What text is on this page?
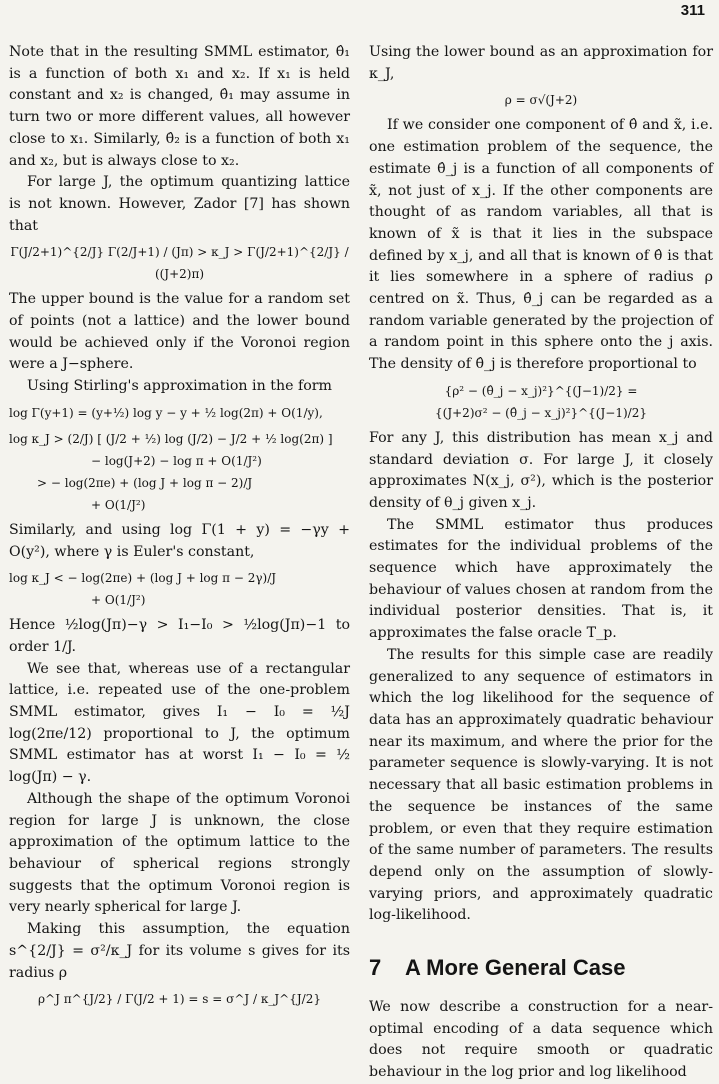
311

Note that in the resulting SMML estimator, θ̂₁ is a function of both x₁ and x₂. If x₁ is held constant and x₂ is changed, θ̂₁ may assume in turn two or more different values, all however close to x₁. Similarly, θ̂₂ is a function of both x₁ and x₂, but is always close to x₂.

For large J, the optimum quantizing lattice is not known. However, Zador [7] has shown that

Γ(J/2+1)^{2/J} Γ(2/J+1) / (Jπ) > κ_J > Γ(J/2+1)^{2/J} / ((J+2)π)

The upper bound is the value for a random set of points (not a lattice) and the lower bound would be achieved only if the Voronoi region were a J−sphere.

Using Stirling's approximation in the form

log Γ(y+1) = (y+½) log y − y + ½ log(2π) + O(1/y),
log κ_J > (2/J) [ (J/2 + ½) log (J/2) − J/2 + ½ log(2π) ]
− log(J+2) − log π + O(1/J²)
> − log(2πe) + (log J + log π − 2)/J
+ O(1/J²)

Similarly, and using log Γ(1 + y) = −γy + O(y²), where γ is Euler's constant,

log κ_J < − log(2πe) + (log J + log π − 2γ)/J
+ O(1/J²)

Hence ½log(Jπ)−γ > I₁−I₀ > ½log(Jπ)−1 to order 1/J.

We see that, whereas use of a rectangular lattice, i.e. repeated use of the one-problem SMML estimator, gives I₁ − I₀ = ½J log(2πe/12) proportional to J, the optimum SMML estimator has at worst I₁ − I₀ = ½ log(Jπ) − γ.

Although the shape of the optimum Voronoi region for large J is unknown, the close approximation of the optimum lattice to the behaviour of spherical regions strongly suggests that the optimum Voronoi region is very nearly spherical for large J.

Making this assumption, the equation s^{2/J} = σ²/κ_J for its volume s gives for its radius ρ

ρ^J π^{J/2} / Γ(J/2 + 1) = s = σ^J / κ_J^{J/2}

Using the lower bound as an approximation for κ_J,

ρ = σ√(J+2)

If we consider one component of θ̂ and x̃, i.e. one estimation problem of the sequence, the estimate θ̂_j is a function of all components of x̃, not just of x_j. If the other components are thought of as random variables, all that is known of x̃ is that it lies in the subspace defined by x_j, and all that is known of θ̂ is that it lies somewhere in a sphere of radius ρ centred on x̃. Thus, θ̂_j can be regarded as a random variable generated by the projection of a random point in this sphere onto the j axis. The density of θ̂_j is therefore proportional to

{ρ² − (θ̂_j − x_j)²}^{(J−1)/2} =
{(J+2)σ² − (θ̂_j − x_j)²}^{(J−1)/2}

For any J, this distribution has mean x_j and standard deviation σ. For large J, it closely approximates N(x_j, σ²), which is the posterior density of θ_j given x_j.

The SMML estimator thus produces estimates for the individual problems of the sequence which have approximately the behaviour of values chosen at random from the individual posterior densities. That is, it approximates the false oracle T_p.

The results for this simple case are readily generalized to any sequence of estimators in which the log likelihood for the sequence of data has an approximately quadratic behaviour near its maximum, and where the prior for the parameter sequence is slowly-varying. It is not necessary that all basic estimation problems in the sequence be instances of the same problem, or even that they require estimation of the same number of parameters. The results depend only on the assumption of slowly-varying priors, and approximately quadratic log-likelihood.

7 A More General Case

We now describe a construction for a near-optimal encoding of a data sequence which does not require smooth or quadratic behaviour in the log prior and log likelihood
